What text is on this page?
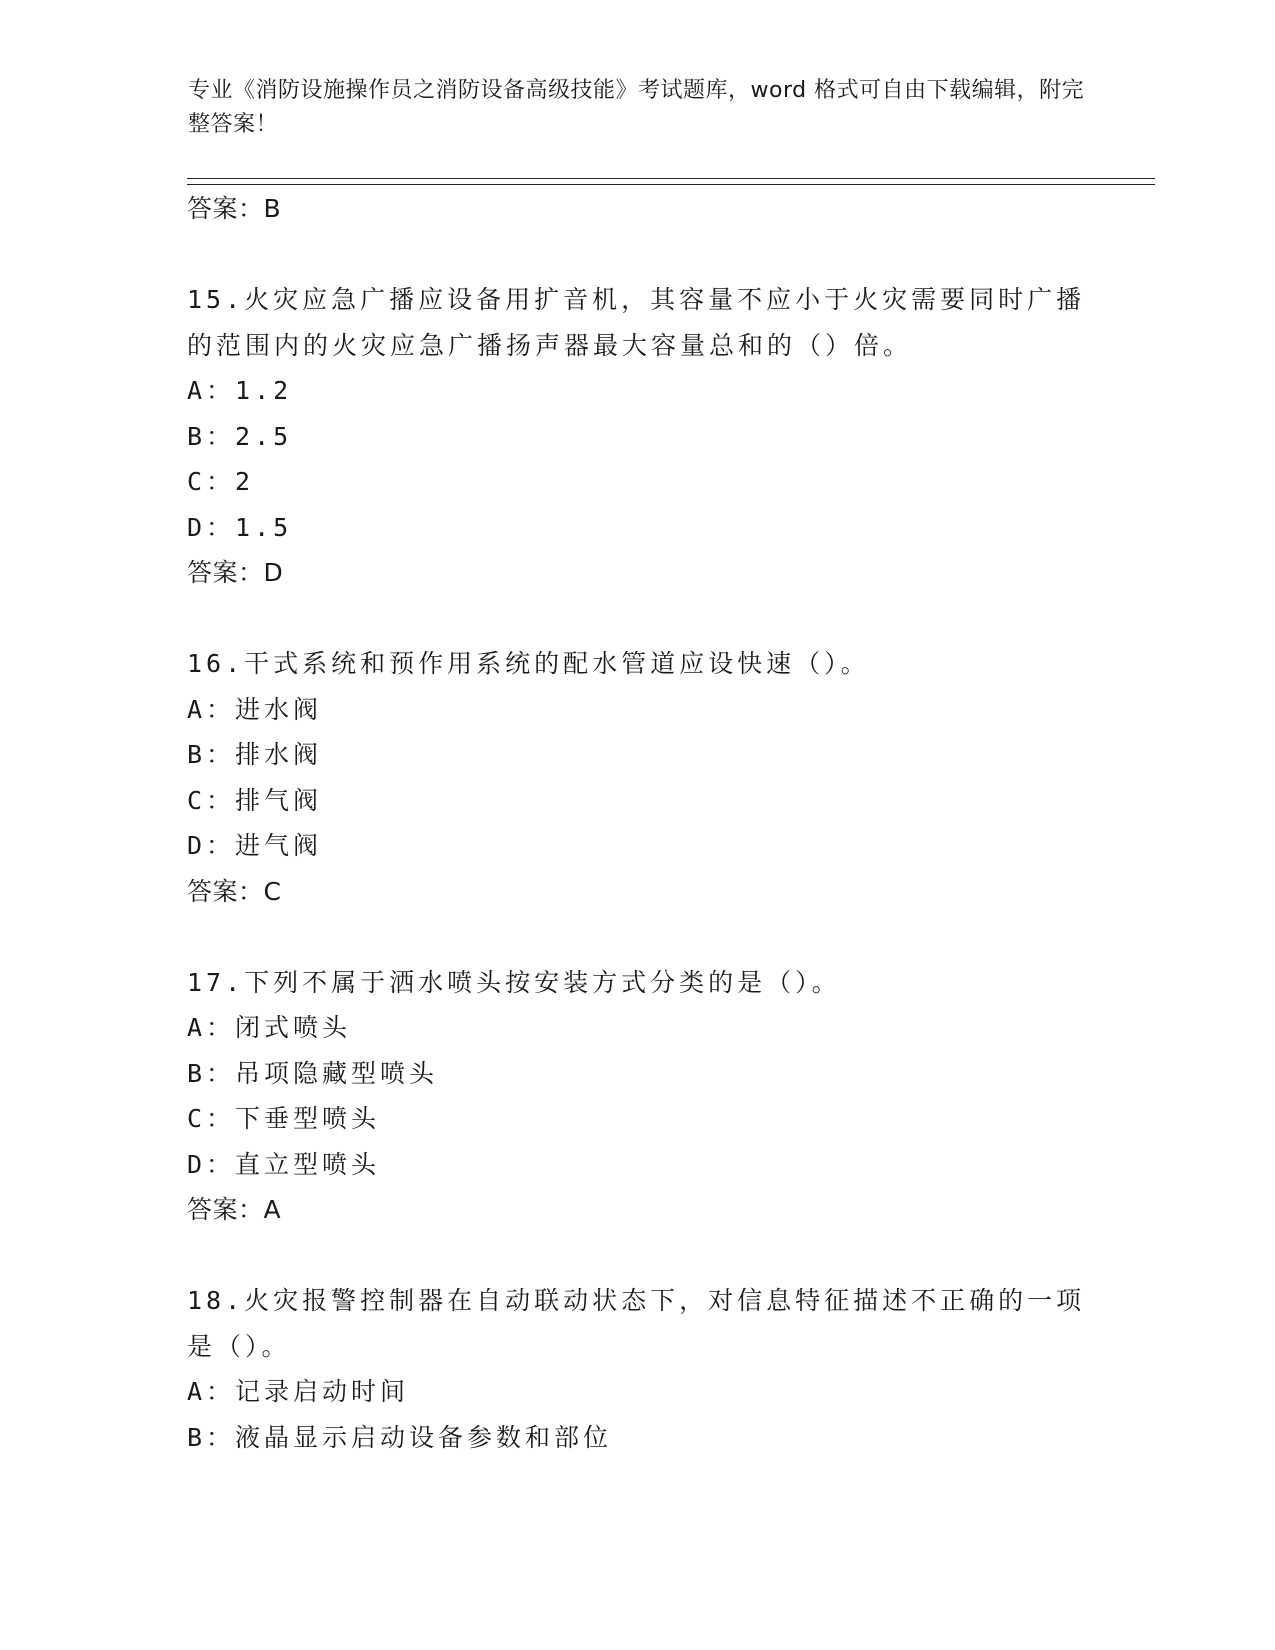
专业《消防设施操作员之消防设备高级技能》考试题库，word 格式可自由下载编辑，附完整答案！
答案：B
15.火灾应急广播应设备用扩音机，其容量不应小于火灾需要同时广播
的范围内的火灾应急广播扬声器最大容量总和的（）倍。
A：1.2
B：2.5
C：2
D：1.5
答案：D
16.干式系统和预作用系统的配水管道应设快速（）。
A：进水阀
B：排水阀
C：排气阀
D：进气阀
答案：C
17.下列不属于洒水喷头按安装方式分类的是（）。
A：闭式喷头
B：吊项隐藏型喷头
C：下垂型喷头
D：直立型喷头
答案：A
18.火灾报警控制器在自动联动状态下，对信息特征描述不正确的一项
是（）。
A：记录启动时间
B：液晶显示启动设备参数和部位
